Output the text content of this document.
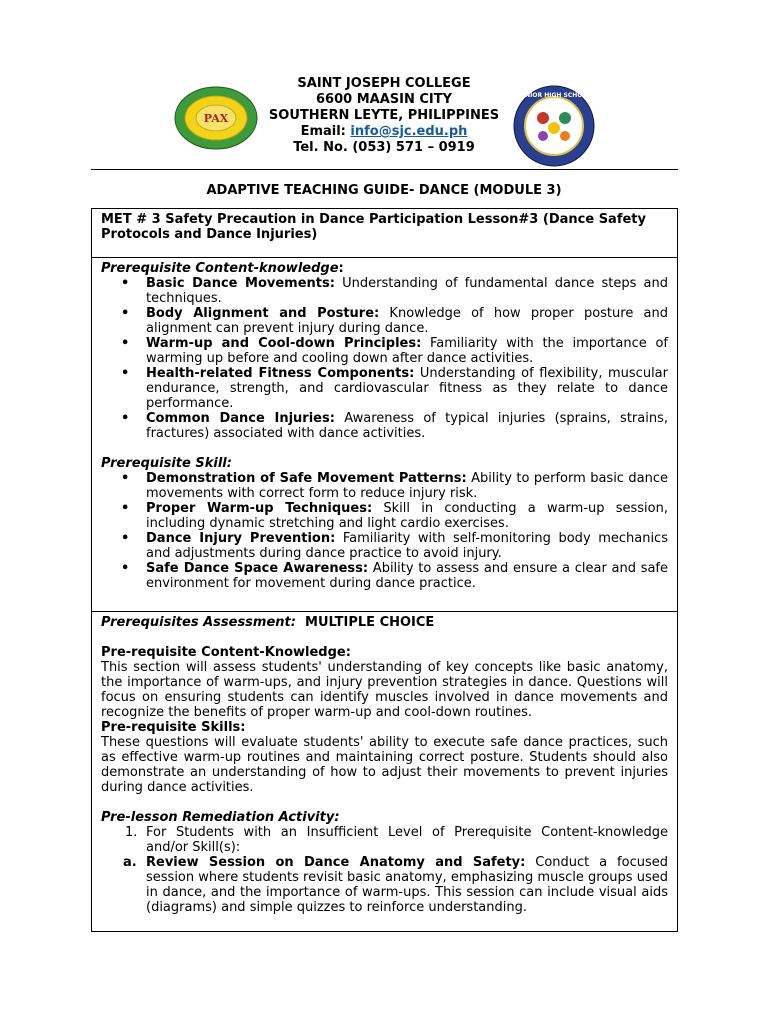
PAX
SENIOR HIGH SCHOOL
SAINT JOSEPH COLLEGE
6600 MAASIN CITY
SOUTHERN LEYTE, PHILIPPINES
Email: info@sjc.edu.ph
Tel. No. (053) 571 – 0919
ADAPTIVE TEACHING GUIDE- DANCE (MODULE 3)
MET # 3 Safety Precaution in Dance Participation Lesson#3 (Dance Safety Protocols and Dance Injuries)
Prerequisite Content-knowledge:
• Basic Dance Movements: Understanding of fundamental dance steps and techniques.
• Body Alignment and Posture: Knowledge of how proper posture and alignment can prevent injury during dance.
• Warm-up and Cool-down Principles: Familiarity with the importance of warming up before and cooling down after dance activities.
• Health-related Fitness Components: Understanding of flexibility, muscular endurance, strength, and cardiovascular fitness as they relate to dance performance.
• Common Dance Injuries: Awareness of typical injuries (sprains, strains, fractures) associated with dance activities.
Prerequisite Skill:
• Demonstration of Safe Movement Patterns: Ability to perform basic dance movements with correct form to reduce injury risk.
• Proper Warm-up Techniques: Skill in conducting a warm-up session, including dynamic stretching and light cardio exercises.
• Dance Injury Prevention: Familiarity with self-monitoring body mechanics and adjustments during dance practice to avoid injury.
• Safe Dance Space Awareness: Ability to assess and ensure a clear and safe environment for movement during dance practice.
Prerequisites Assessment: MULTIPLE CHOICE
Pre-requisite Content-Knowledge:
This section will assess students' understanding of key concepts like basic anatomy, the importance of warm-ups, and injury prevention strategies in dance. Questions will focus on ensuring students can identify muscles involved in dance movements and recognize the benefits of proper warm-up and cool-down routines.
Pre-requisite Skills:
These questions will evaluate students' ability to execute safe dance practices, such as effective warm-up routines and maintaining correct posture. Students should also demonstrate an understanding of how to adjust their movements to prevent injuries during dance activities.
Pre-lesson Remediation Activity:
1. For Students with an Insufficient Level of Prerequisite Content-knowledge and/or Skill(s):
a. Review Session on Dance Anatomy and Safety: Conduct a focused session where students revisit basic anatomy, emphasizing muscle groups used in dance, and the importance of warm-ups. This session can include visual aids (diagrams) and simple quizzes to reinforce understanding.
